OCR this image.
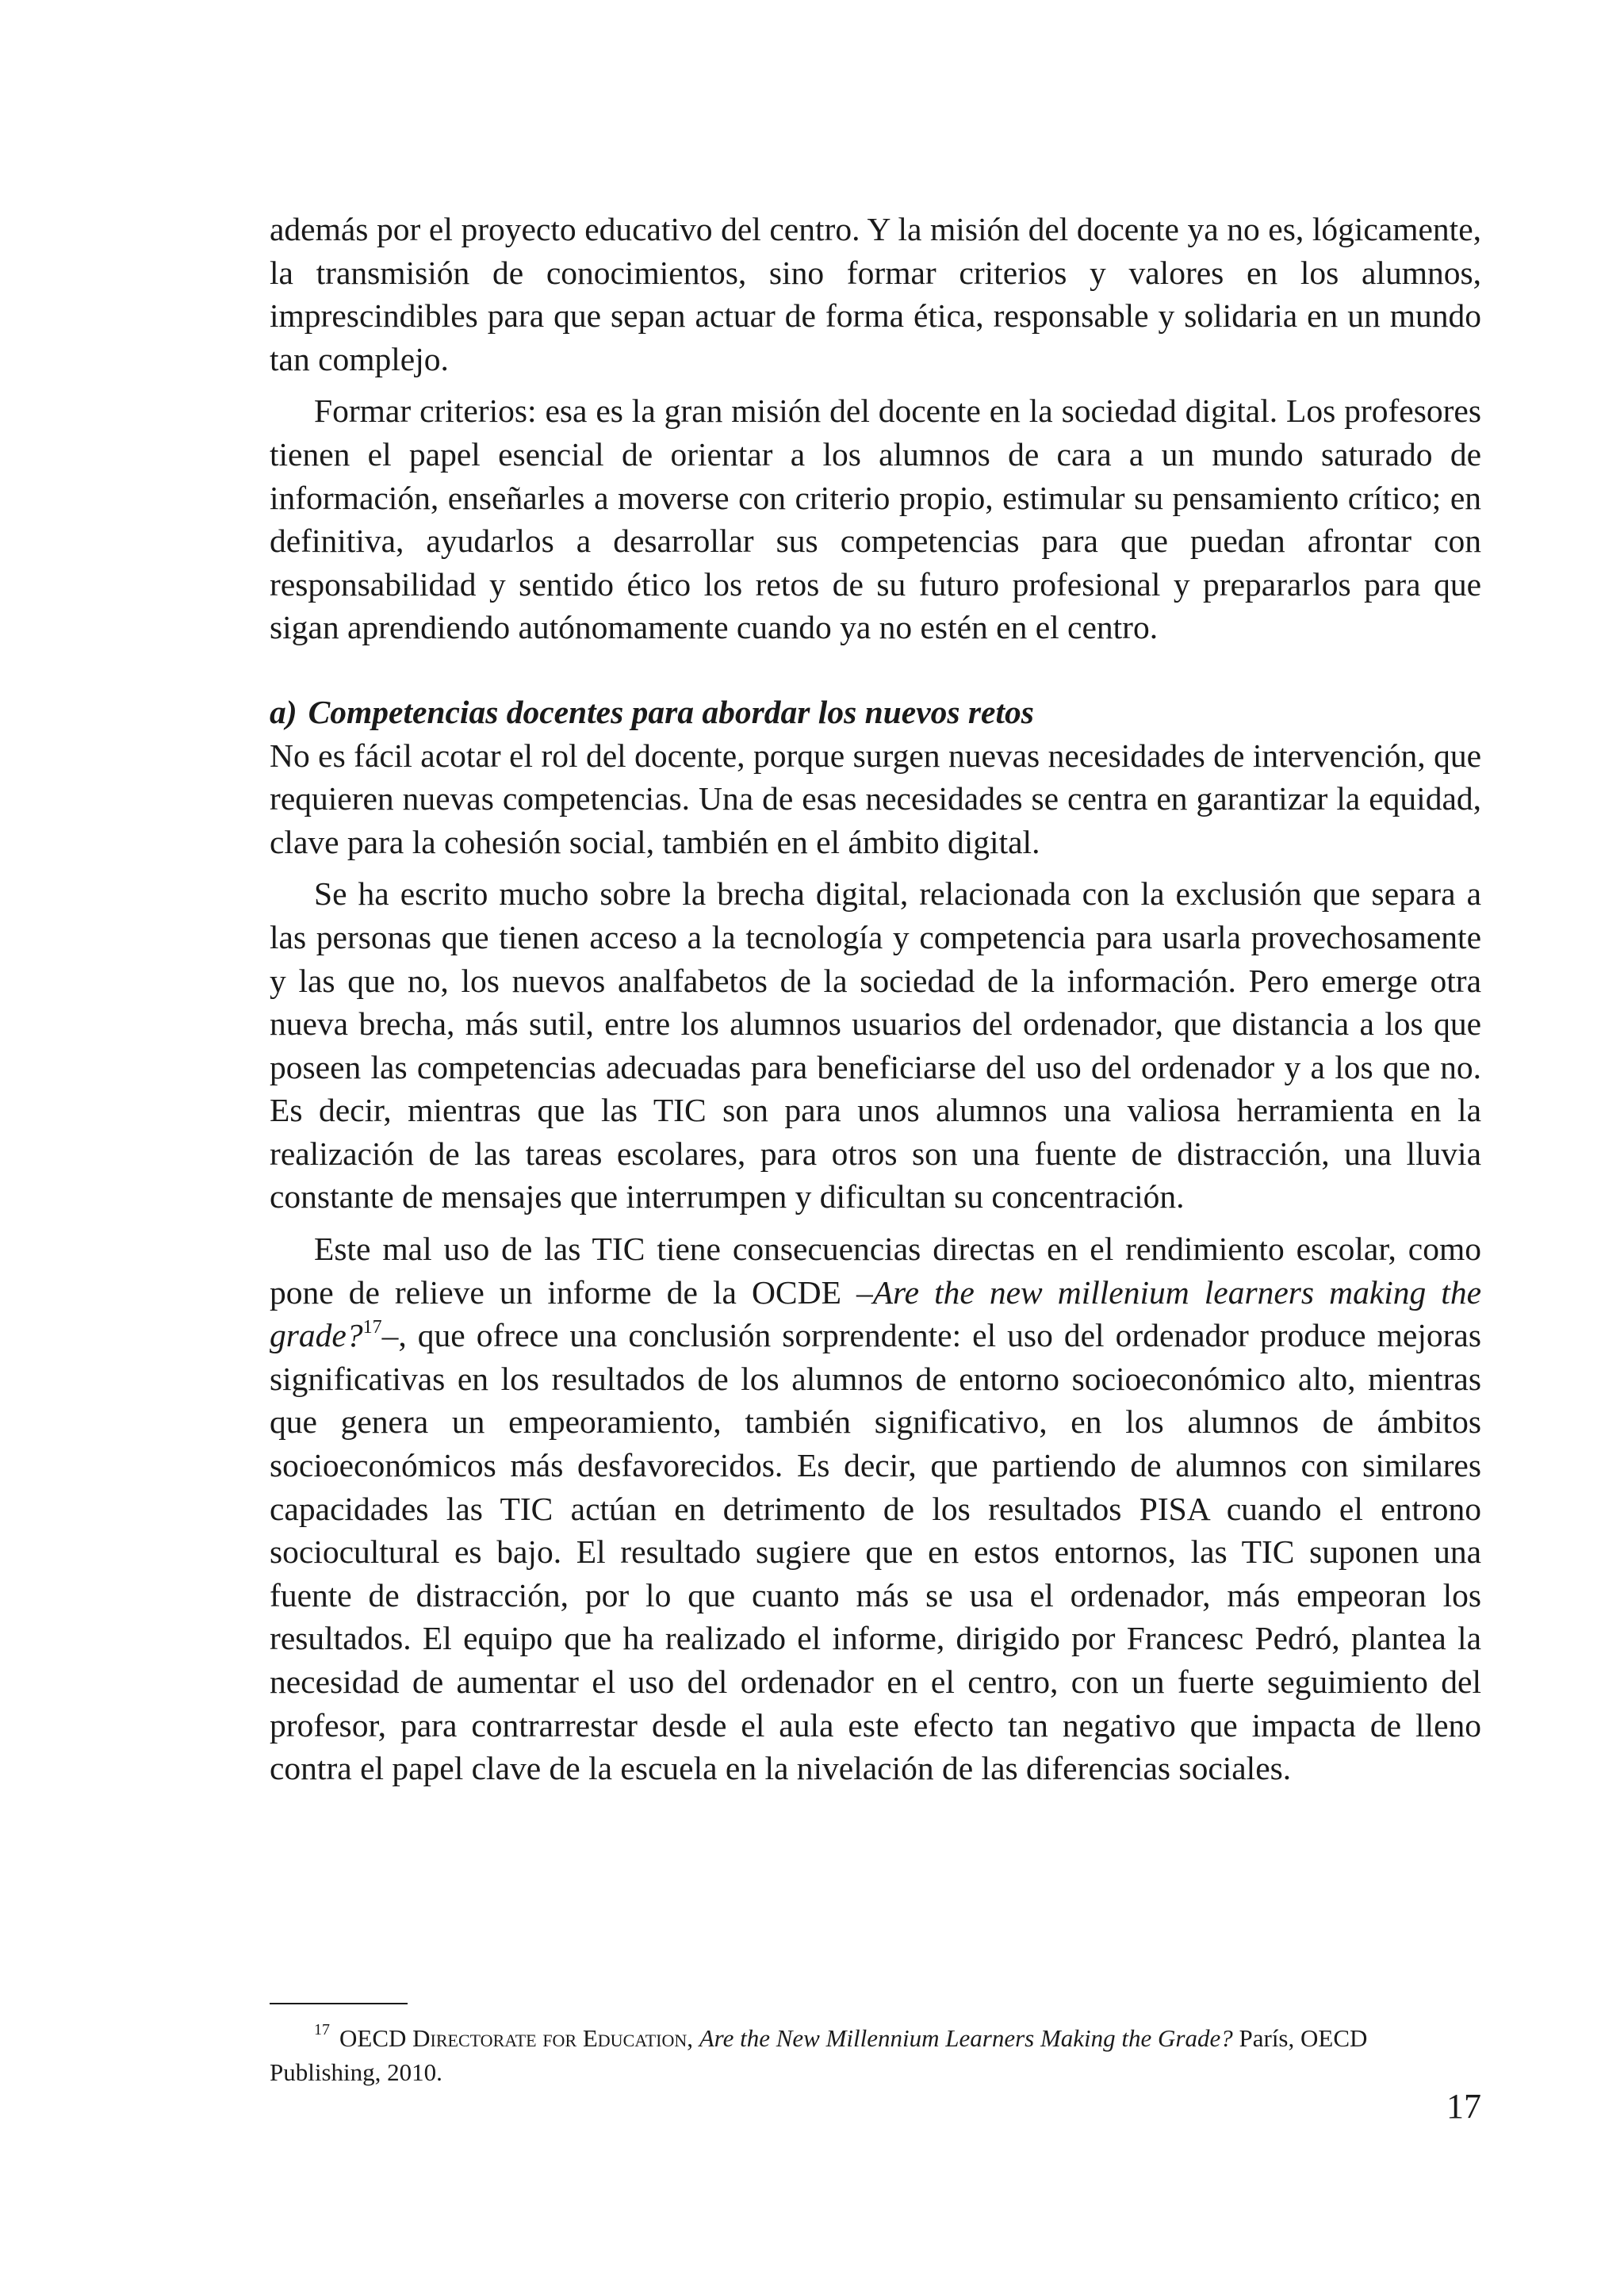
además por el proyecto educativo del centro. Y la misión del docente ya no es, lógicamente, la transmisión de conocimientos, sino formar criterios y valores en los alumnos, imprescindibles para que sepan actuar de forma ética, responsable y solidaria en un mundo tan complejo.

Formar criterios: esa es la gran misión del docente en la sociedad digital. Los profesores tienen el papel esencial de orientar a los alumnos de cara a un mundo saturado de información, enseñarles a moverse con criterio propio, estimular su pensamiento crítico; en definitiva, ayudarlos a desarrollar sus competencias para que puedan afrontar con responsabilidad y sentido ético los retos de su futuro profesional y prepararlos para que sigan aprendiendo autónomamente cuando ya no estén en el centro.

a) Competencias docentes para abordar los nuevos retos

No es fácil acotar el rol del docente, porque surgen nuevas necesidades de intervención, que requieren nuevas competencias. Una de esas necesidades se centra en garantizar la equidad, clave para la cohesión social, también en el ámbito digital.

Se ha escrito mucho sobre la brecha digital, relacionada con la exclusión que separa a las personas que tienen acceso a la tecnología y competencia para usarla provechosamente y las que no, los nuevos analfabetos de la sociedad de la información. Pero emerge otra nueva brecha, más sutil, entre los alumnos usuarios del ordenador, que distancia a los que poseen las competencias adecuadas para beneficiarse del uso del ordenador y a los que no. Es decir, mientras que las TIC son para unos alumnos una valiosa herramienta en la realización de las tareas escolares, para otros son una fuente de distracción, una lluvia constante de mensajes que interrumpen y dificultan su concentración.

Este mal uso de las TIC tiene consecuencias directas en el rendimiento escolar, como pone de relieve un informe de la OCDE –Are the new millenium learners making the grade?$^{17}$–, que ofrece una conclusión sorprendente: el uso del ordenador produce mejoras significativas en los resultados de los alumnos de entorno socioeconómico alto, mientras que genera un empeoramiento, también significativo, en los alumnos de ámbitos socioeconómicos más desfavorecidos. Es decir, que partiendo de alumnos con similares capacidades las TIC actúan en detrimento de los resultados PISA cuando el entrono sociocultural es bajo. El resultado sugiere que en estos entornos, las TIC suponen una fuente de distracción, por lo que cuanto más se usa el ordenador, más empeoran los resultados. El equipo que ha realizado el informe, dirigido por Francesc Pedró, plantea la necesidad de aumentar el uso del ordenador en el centro, con un fuerte seguimiento del profesor, para contrarrestar desde el aula este efecto tan negativo que impacta de lleno contra el papel clave de la escuela en la nivelación de las diferencias sociales.

$^{17}$ OECD Directorate for Education, Are the New Millennium Learners Making the Grade? París, OECD Publishing, 2010.

17
